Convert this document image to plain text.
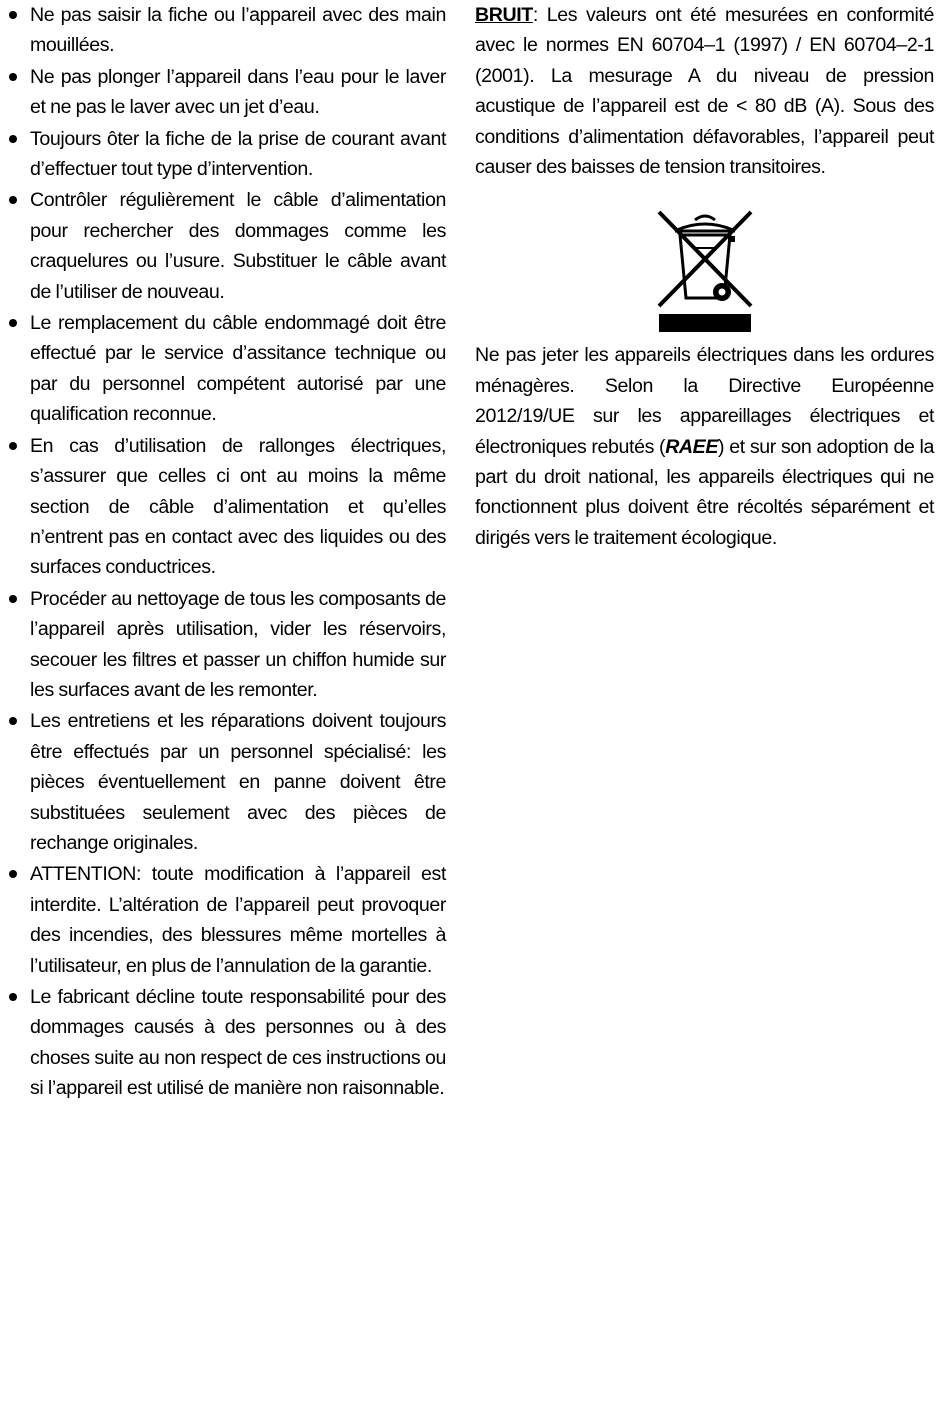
Ne pas saisir la fiche ou l’appareil avec des main mouillées.
Ne pas plonger l’appareil dans l’eau pour le laver et ne pas le laver avec un jet d’eau.
Toujours ôter la fiche de la prise de courant avant d’effectuer tout type d’intervention.
Contrôler régulièrement le câble d’alimentation pour rechercher des dommages comme les craquelures ou l’usure. Substituer le câble avant de l’utiliser de nouveau.
Le remplacement du câble endommagé doit être effectué par le service d’assitance technique ou par du personnel compétent autorisé par une qualification reconnue.
En cas d’utilisation de rallonges électriques, s’assurer que celles ci ont au moins la même section de câble d’alimentation et qu’elles n’entrent pas en contact avec des liquides ou des surfaces conductrices.
Procéder au nettoyage de tous les composants de l’appareil après utilisation, vider les réservoirs, secouer les filtres et passer un chiffon humide sur les surfaces avant de les remonter.
Les entretiens et les réparations doivent toujours être effectués par un personnel spécialisé: les pièces éventuellement en panne doivent être substituées seulement avec des pièces de rechange originales.
ATTENTION: toute modification à l’appareil est interdite. L’altération de l’appareil peut provoquer des incendies, des blessures même mortelles à l’utilisateur, en plus de l’annulation de la garantie.
Le fabricant décline toute responsabilité pour des dommages causés à des personnes ou à des choses suite au non respect de ces instructions ou si l’appareil est utilisé de manière non raisonnable.

BRUIT: Les valeurs ont été mesurées en conformité avec le normes EN 60704–1 (1997) / EN 60704–2-1 (2001). La mesurage A du niveau de pression acustique de l’appareil est de < 80 dB (A). Sous des conditions d’alimentation défavorables, l’appareil peut causer des baisses de tension transitoires.

Ne pas jeter les appareils électriques dans les ordures ménagères. Selon la Directive Européenne 2012/19/UE sur les appareillages électriques et électroniques rebutés (RAEE) et sur son adoption de la part du droit national, les appareils électriques qui ne fonctionnent plus doivent être récoltés séparément et dirigés vers le traitement écologique.
